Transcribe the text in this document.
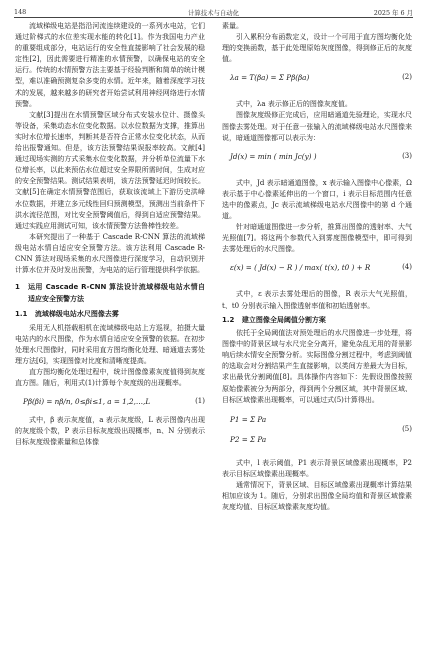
148	计算技术与自动化	2025 年 6 月

流域梯级电站是指沿河流连续建设的一系列水电站，它们通过阶梯式的水位差实现水能的转化[1]。作为我国电力产业的重要组成部分，电站运行的安全性直接影响了社会发展的稳定性[2]，因此需要进行精准的水情预警，以确保电站的安全运行。传统的水情预警方法主要基于经验判断和简单的统计模型，难以准确预测复杂多变的水情。近年来，随着深度学习技术的发展，越来越多的研究者开始尝试利用神经网络进行水情预警。

文献[3]提出在水情预警区域分布式安装水位计、摄像头等设备，采集动态水位变化数据。以水位数据为支撑，推算出实时水位增长速率，判断其是否符合正常水位变化状态，从而给出报警通知。但是，该方法预警结果误报率较高。文献[4]通过现场实测的方式采集水位变化数据，并分析单位流量下水位增长率，以此来预估水位超过安全界限所需时间，生成对应的安全预警结果。测试结果表明，该方法预警延迟时间较长。文献[5]在确定水情预警范围后，获取该流域上下游历史洪峰水位数据，并建立多元线性回归预测模型，预测出当前条件下洪水流径范围，对比安全预警阈值后，得到自适应预警结果。通过实践应用测试可知，该水情预警方法鲁棒性较差。

本研究提出了一种基于 Cascade R-CNN 算法的流域梯级电站水情自适应安全预警方法。该方法利用 Cascade R-CNN 算法对现场采集的水尺图像进行深度学习，自动识别并计算水位并及时发出预警，为电站的运行管理提供科学依据。

1 运用 Cascade R-CNN 算法设计流域梯级电站水情自适应安全预警方法
1.1 流域梯级电站水尺图像去雾

采用无人机搭载相机在流域梯级电站上方巡视，拍摄大量电站内的水尺图像，作为水情自适应安全预警的依据。在初步处理水尺图像时，同时采用直方图均衡化处理、暗通道去雾处理方法[6]，实现图像对比度和清晰度提高。

直方图均衡化处理过程中，统计图像像素灰度值得到灰度直方图。随后，利用式(1)计算每个灰度级的出现概率。

Pβ(βi) = nβ/n, 0≤βi≤1, a = 1,2,…,L	(1)

式中，β 表示灰度值，a 表示灰度级，L 表示图像内出现的灰度级个数，P 表示目标灰度级出现概率，n、N 分别表示目标灰度级像素量和总体像

素量。

引入累积分布函数定义，设计一个可用于直方图均衡化处理的变换函数，基于此处理原始灰度图像，得到修正后的灰度值。

λa = T(βa) = Σ Pβ(βa)	(2)

式中，λa 表示修正后的图像灰度值。

图像灰度级修正完成后，应用暗通道先验理论，实现水尺图像去雾处理。对于任意一张输入的流域梯级电站水尺图像来说，暗通道图像都可以表示为：

Jd(x) = min ( min Jc(y) )	(3)

式中，Jd 表示暗通道图像，x 表示输入图像中心像素，Ω 表示基于中心像素延伸出的一个窗口，i 表示目标范围内任意选中的像素点，Jc 表示流域梯级电站水尺图像中的第 d 个通道。

针对暗通道图像进一步分析，推算出图像的透射率、大气光照值[7]。将这两个参数代入到雾度图像模型中，即可得到去雾处理后的水尺图像。

ε(x) = ( Jd(x) − R ) / max( t(x), t0 ) + R	(4)

式中，ε 表示去雾处理后的图像，R 表示大气光照值，t、t0 分别表示输入图像透射率值和初始透射率。

1.2 建立图像全局阈值分割方案

依托于全局阈值法对预处理后的水尺图像进一步处理，将图像中的背景区域与水尺完全分离开，避免杂乱无用的背景影响后续水情安全预警分析。实际图像分割过程中，考虑到阈值的选取会对分割结果产生直接影响，以类间方差最大为目标，求出最优分割阈值[8]。具体操作内容如下：先假设图像按照原始像素被分为两部分，得到两个分割区域，其中背景区域、目标区域像素出现概率，可以通过式(5)计算得出。

P1 = Σ Pa
P2 = Σ Pa
(5)

式中，l 表示阈值，P1 表示背景区域像素出现概率，P2 表示目标区域像素出现概率。

通常情况下，背景区域、目标区域像素出现概率计算结果相加应该为 1。随后，分别求出图像全局均值和背景区域像素灰度均值、目标区域像素灰度均值。
